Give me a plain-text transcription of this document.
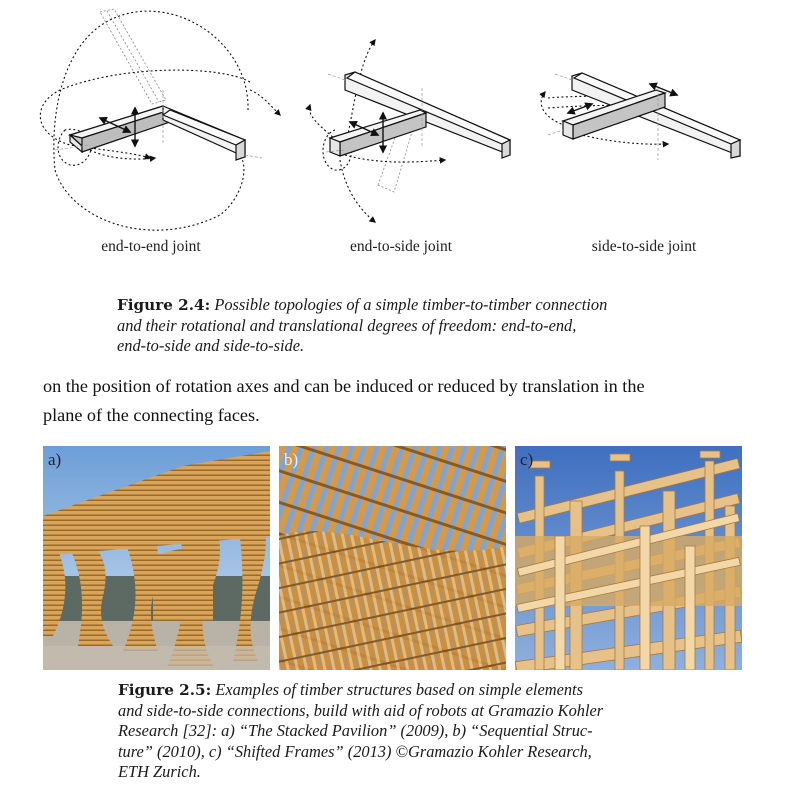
end-to-end joint	end-to-side joint	side-to-side joint
Figure 2.4: Possible topologies of a simple timber-to-timber connection
and their rotational and translational degrees of freedom: end-to-end,
end-to-side and side-to-side.
on the position of rotation axes and can be induced or reduced by translation in the
plane of the connecting faces.
a)	b)	c)
Figure 2.5: Examples of timber structures based on simple elements
and side-to-side connections, build with aid of robots at Gramazio Kohler
Research [32]: a) “The Stacked Pavilion” (2009), b) “Sequential Struc-
ture” (2010), c) “Shifted Frames” (2013) ©Gramazio Kohler Research,
ETH Zurich.
